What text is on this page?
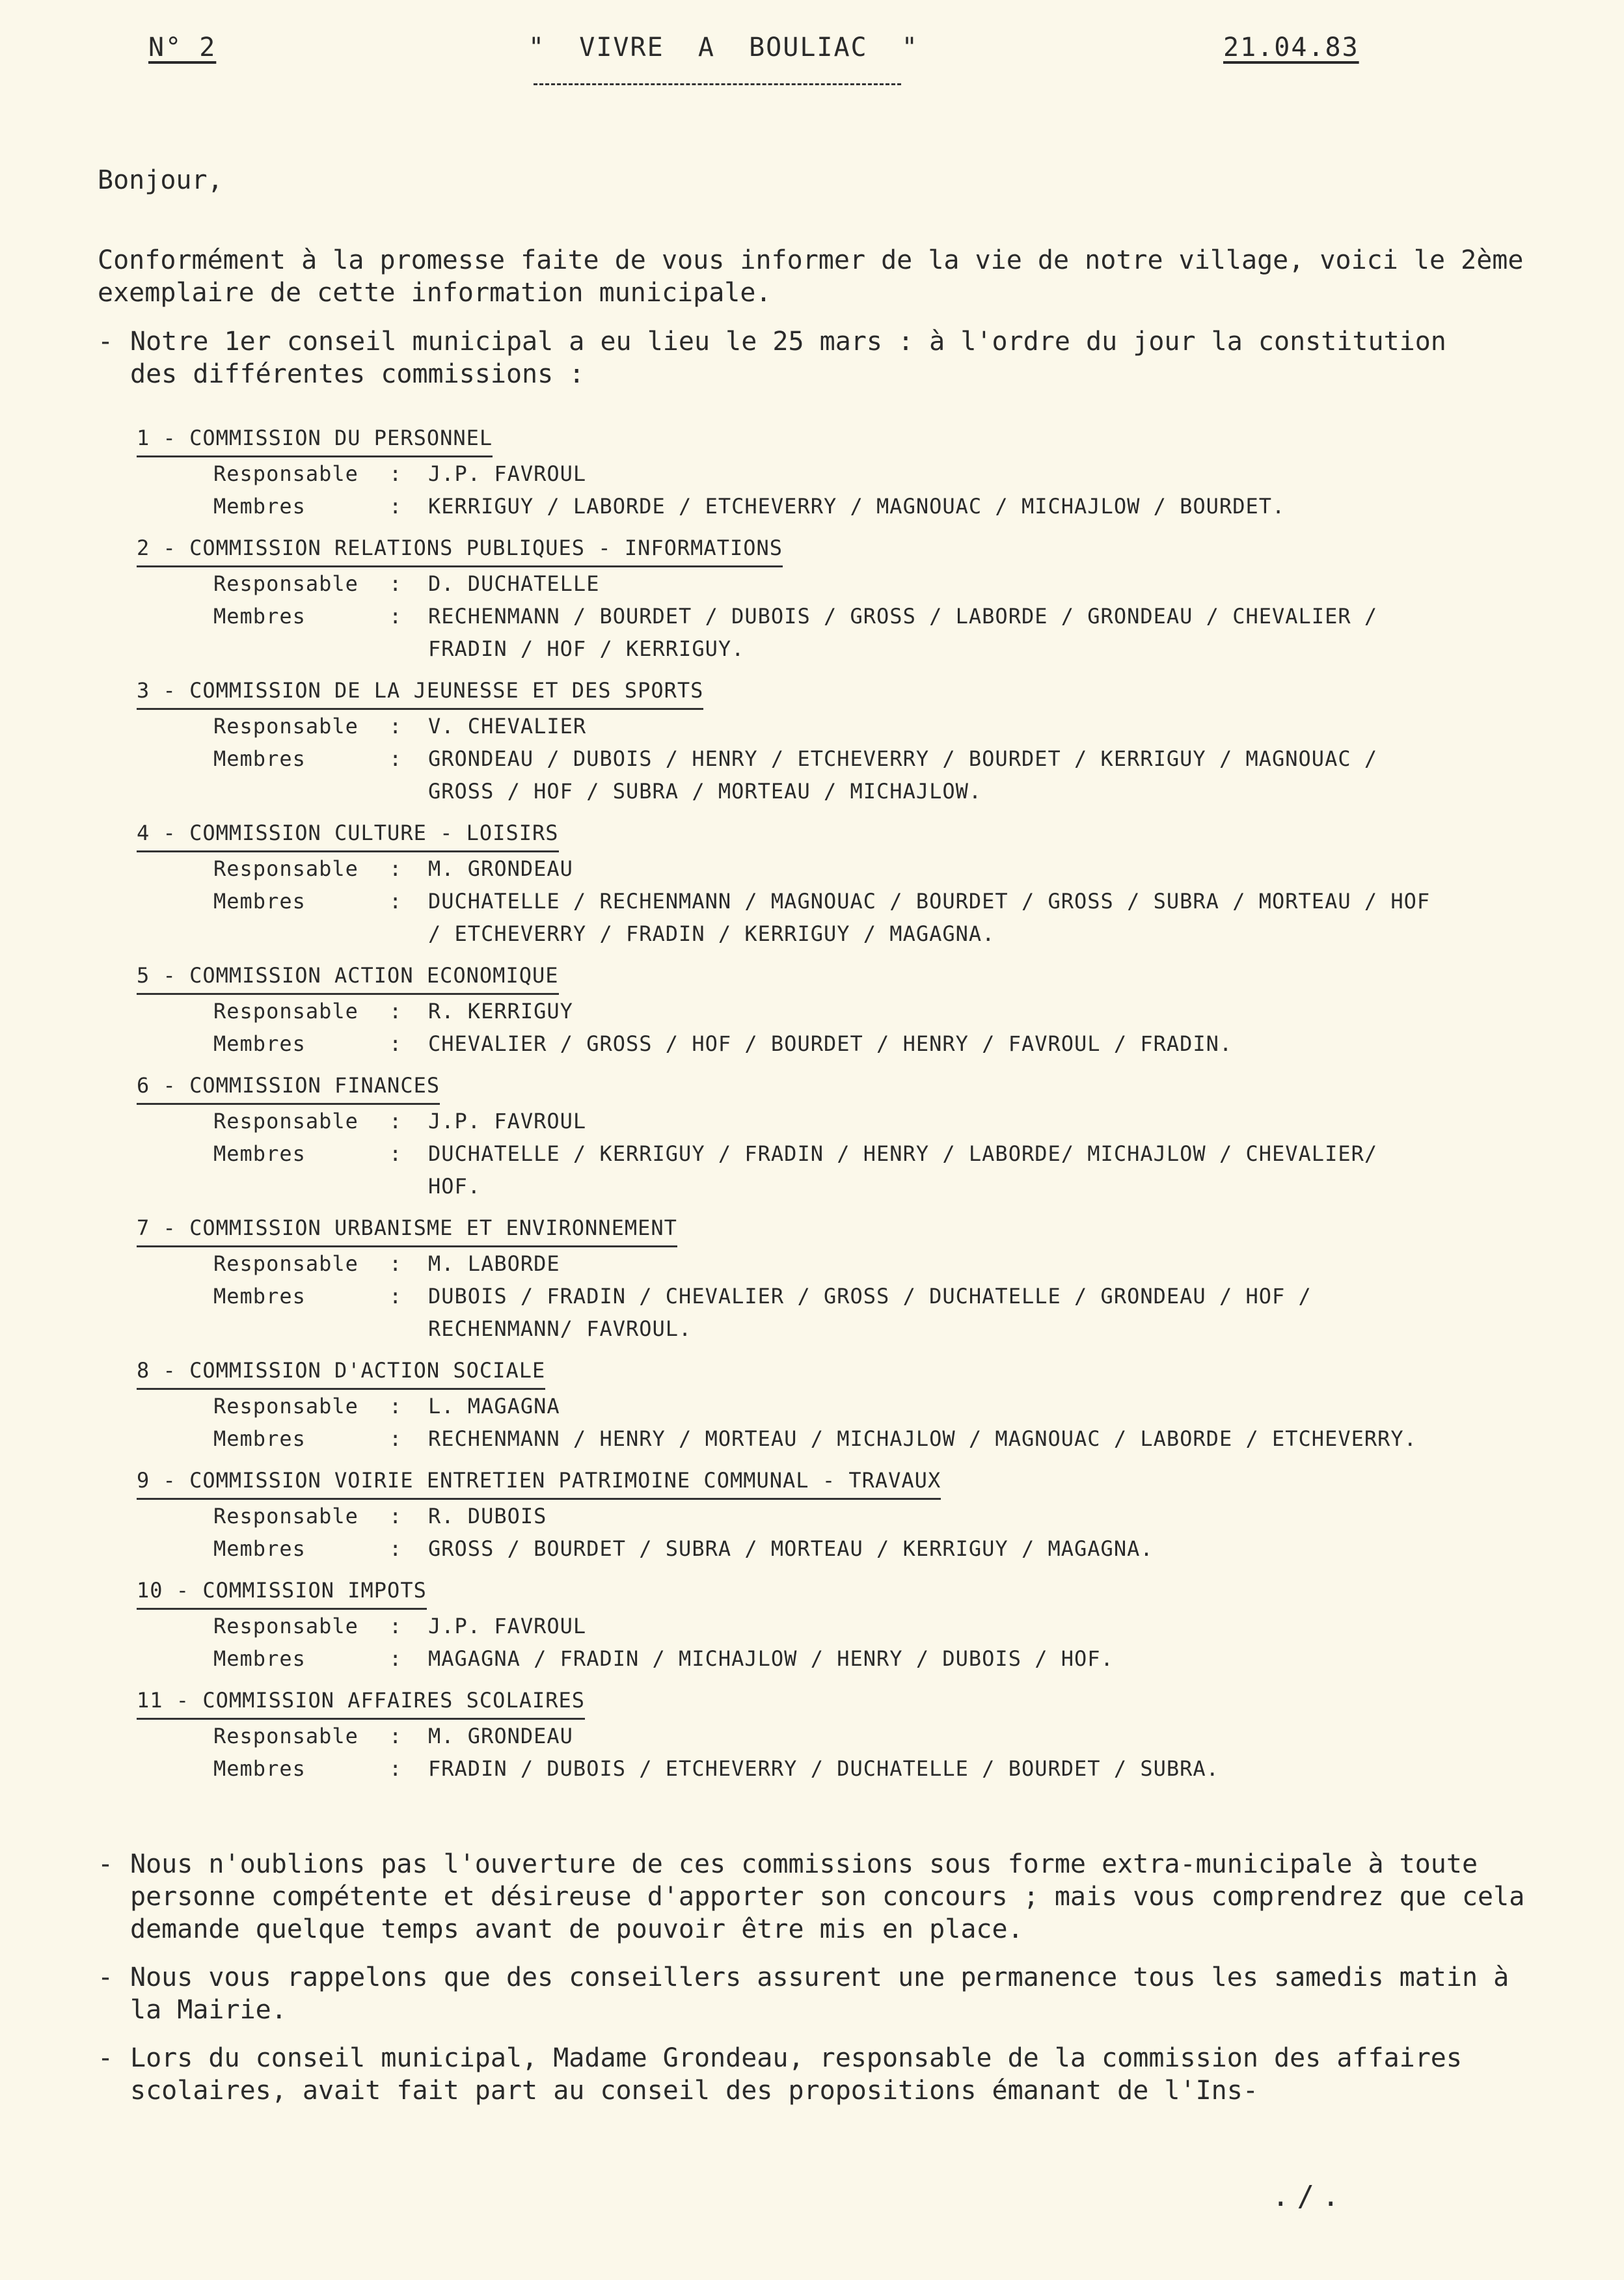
N° 2	"  VIVRE  A  BOULIAC  "	21.04.83
Bonjour,
Conformément à la promesse faite de vous informer de la vie de notre village, voici le 2ème exemplaire de cette information municipale.
- Notre 1er conseil municipal a eu lieu le 25 mars : à l'ordre du jour la constitution des différentes commissions :
1 - COMMISSION DU PERSONNEL
Responsable	:	J.P. FAVROUL
Membres	:	KERRIGUY / LABORDE / ETCHEVERRY / MAGNOUAC / MICHAJLOW / BOURDET.
2 - COMMISSION RELATIONS PUBLIQUES - INFORMATIONS
Responsable	:	D. DUCHATELLE
Membres	:	RECHENMANN / BOURDET / DUBOIS / GROSS / LABORDE / GRONDEAU / CHEVALIER / FRADIN / HOF / KERRIGUY.
3 - COMMISSION DE LA JEUNESSE ET DES SPORTS
Responsable	:	V. CHEVALIER
Membres	:	GRONDEAU / DUBOIS / HENRY / ETCHEVERRY / BOURDET / KERRIGUY / MAGNOUAC / GROSS / HOF / SUBRA / MORTEAU / MICHAJLOW.
4 - COMMISSION CULTURE - LOISIRS
Responsable	:	M. GRONDEAU
Membres	:	DUCHATELLE / RECHENMANN / MAGNOUAC / BOURDET / GROSS / SUBRA / MORTEAU / HOF / ETCHEVERRY / FRADIN / KERRIGUY / MAGAGNA.
5 - COMMISSION ACTION ECONOMIQUE
Responsable	:	R. KERRIGUY
Membres	:	CHEVALIER / GROSS / HOF / BOURDET / HENRY / FAVROUL / FRADIN.
6 - COMMISSION FINANCES
Responsable	:	J.P. FAVROUL
Membres	:	DUCHATELLE / KERRIGUY / FRADIN / HENRY / LABORDE/ MICHAJLOW / CHEVALIER/ HOF.
7 - COMMISSION URBANISME ET ENVIRONNEMENT
Responsable	:	M. LABORDE
Membres	:	DUBOIS / FRADIN / CHEVALIER / GROSS / DUCHATELLE / GRONDEAU / HOF / RECHENMANN/ FAVROUL.
8 - COMMISSION D'ACTION SOCIALE
Responsable	:	L. MAGAGNA
Membres	:	RECHENMANN / HENRY / MORTEAU / MICHAJLOW / MAGNOUAC / LABORDE / ETCHEVERRY.
9 - COMMISSION VOIRIE ENTRETIEN PATRIMOINE COMMUNAL - TRAVAUX
Responsable	:	R. DUBOIS
Membres	:	GROSS / BOURDET / SUBRA / MORTEAU / KERRIGUY / MAGAGNA.
10 - COMMISSION IMPOTS
Responsable	:	J.P. FAVROUL
Membres	:	MAGAGNA / FRADIN / MICHAJLOW / HENRY / DUBOIS / HOF.
11 - COMMISSION AFFAIRES SCOLAIRES
Responsable	:	M. GRONDEAU
Membres	:	FRADIN / DUBOIS / ETCHEVERRY / DUCHATELLE / BOURDET / SUBRA.
- Nous n'oublions pas l'ouverture de ces commissions sous forme extra-municipale à toute personne compétente et désireuse d'apporter son concours ; mais vous comprendrez que cela demande quelque temps avant de pouvoir être mis en place.
- Nous vous rappelons que des conseillers assurent une permanence tous les samedis matin à la Mairie.
- Lors du conseil municipal, Madame Grondeau, responsable de la commission des affaires scolaires, avait fait part au conseil des propositions émanant de l'Ins-
./.
